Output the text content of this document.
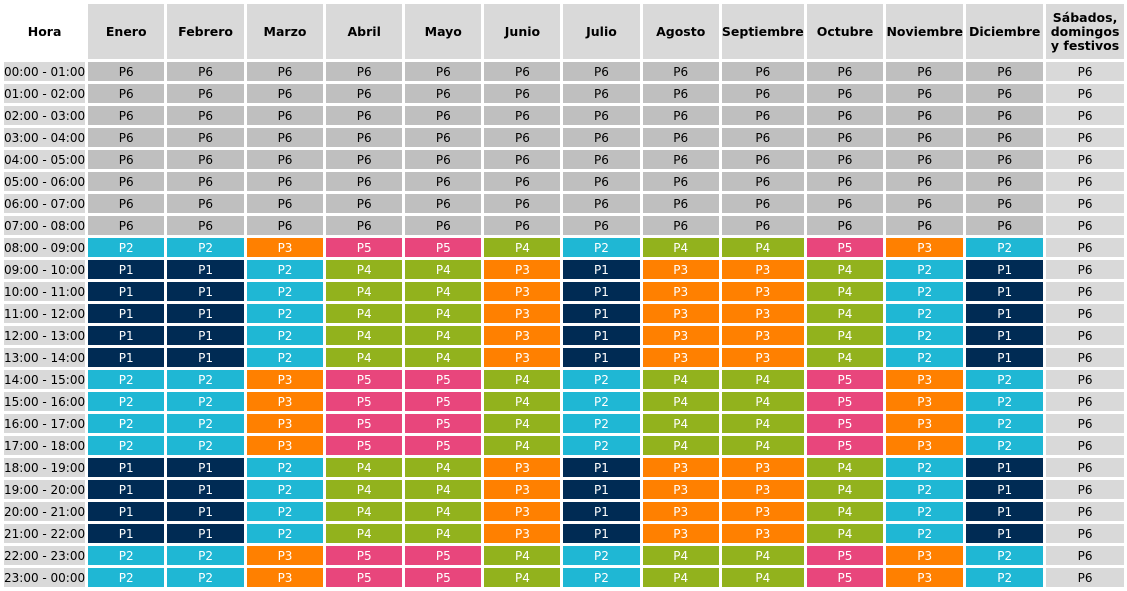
Hora	Enero	Febrero	Marzo	Abril	Mayo	Junio	Julio	Agosto	Septiembre	Octubre	Noviembre	Diciembre	Sábados, domingos y festivos
00:00 - 01:00	P6	P6	P6	P6	P6	P6	P6	P6	P6	P6	P6	P6	P6
01:00 - 02:00	P6	P6	P6	P6	P6	P6	P6	P6	P6	P6	P6	P6	P6
02:00 - 03:00	P6	P6	P6	P6	P6	P6	P6	P6	P6	P6	P6	P6	P6
03:00 - 04:00	P6	P6	P6	P6	P6	P6	P6	P6	P6	P6	P6	P6	P6
04:00 - 05:00	P6	P6	P6	P6	P6	P6	P6	P6	P6	P6	P6	P6	P6
05:00 - 06:00	P6	P6	P6	P6	P6	P6	P6	P6	P6	P6	P6	P6	P6
06:00 - 07:00	P6	P6	P6	P6	P6	P6	P6	P6	P6	P6	P6	P6	P6
07:00 - 08:00	P6	P6	P6	P6	P6	P6	P6	P6	P6	P6	P6	P6	P6
08:00 - 09:00	P2	P2	P3	P5	P5	P4	P2	P4	P4	P5	P3	P2	P6
09:00 - 10:00	P1	P1	P2	P4	P4	P3	P1	P3	P3	P4	P2	P1	P6
10:00 - 11:00	P1	P1	P2	P4	P4	P3	P1	P3	P3	P4	P2	P1	P6
11:00 - 12:00	P1	P1	P2	P4	P4	P3	P1	P3	P3	P4	P2	P1	P6
12:00 - 13:00	P1	P1	P2	P4	P4	P3	P1	P3	P3	P4	P2	P1	P6
13:00 - 14:00	P1	P1	P2	P4	P4	P3	P1	P3	P3	P4	P2	P1	P6
14:00 - 15:00	P2	P2	P3	P5	P5	P4	P2	P4	P4	P5	P3	P2	P6
15:00 - 16:00	P2	P2	P3	P5	P5	P4	P2	P4	P4	P5	P3	P2	P6
16:00 - 17:00	P2	P2	P3	P5	P5	P4	P2	P4	P4	P5	P3	P2	P6
17:00 - 18:00	P2	P2	P3	P5	P5	P4	P2	P4	P4	P5	P3	P2	P6
18:00 - 19:00	P1	P1	P2	P4	P4	P3	P1	P3	P3	P4	P2	P1	P6
19:00 - 20:00	P1	P1	P2	P4	P4	P3	P1	P3	P3	P4	P2	P1	P6
20:00 - 21:00	P1	P1	P2	P4	P4	P3	P1	P3	P3	P4	P2	P1	P6
21:00 - 22:00	P1	P1	P2	P4	P4	P3	P1	P3	P3	P4	P2	P1	P6
22:00 - 23:00	P2	P2	P3	P5	P5	P4	P2	P4	P4	P5	P3	P2	P6
23:00 - 00:00	P2	P2	P3	P5	P5	P4	P2	P4	P4	P5	P3	P2	P6
